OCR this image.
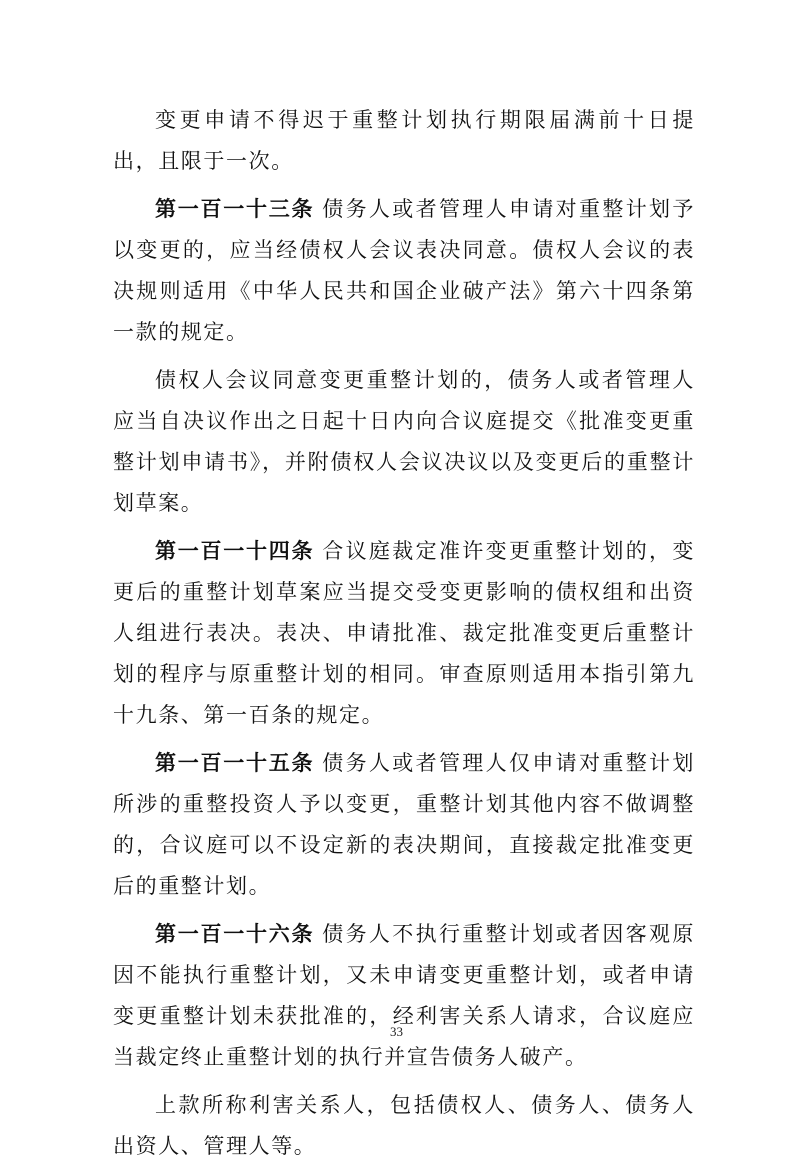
变更申请不得迟于重整计划执行期限届满前十日提出，且限于一次。

第一百一十三条 债务人或者管理人申请对重整计划予以变更的，应当经债权人会议表决同意。债权人会议的表决规则适用《中华人民共和国企业破产法》第六十四条第一款的规定。

债权人会议同意变更重整计划的，债务人或者管理人应当自决议作出之日起十日内向合议庭提交《批准变更重整计划申请书》，并附债权人会议决议以及变更后的重整计划草案。

第一百一十四条 合议庭裁定准许变更重整计划的，变更后的重整计划草案应当提交受变更影响的债权组和出资人组进行表决。表决、申请批准、裁定批准变更后重整计划的程序与原重整计划的相同。审查原则适用本指引第九十九条、第一百条的规定。

第一百一十五条 债务人或者管理人仅申请对重整计划所涉的重整投资人予以变更，重整计划其他内容不做调整的，合议庭可以不设定新的表决期间，直接裁定批准变更后的重整计划。

第一百一十六条 债务人不执行重整计划或者因客观原因不能执行重整计划，又未申请变更重整计划，或者申请变更重整计划未获批准的，经利害关系人请求，合议庭应当裁定终止重整计划的执行并宣告债务人破产。

上款所称利害关系人，包括债权人、债务人、债务人出资人、管理人等。

33
